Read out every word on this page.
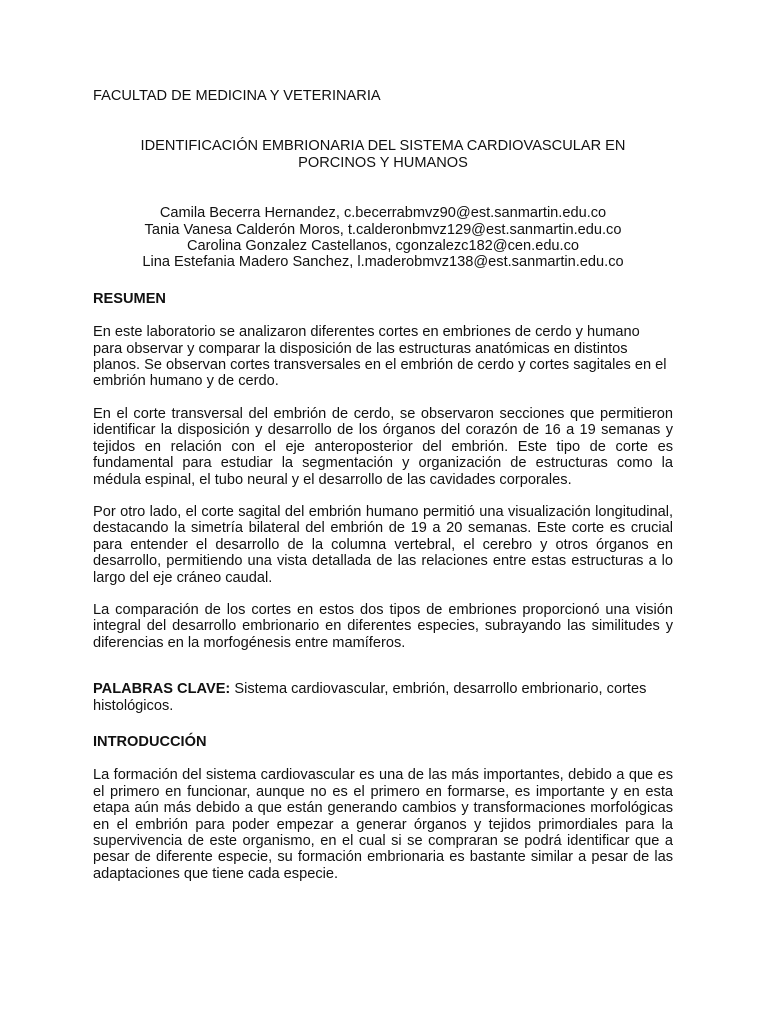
FACULTAD DE MEDICINA Y VETERINARIA
IDENTIFICACIÓN EMBRIONARIA DEL SISTEMA CARDIOVASCULAR EN
PORCINOS Y HUMANOS
Camila Becerra Hernandez, c.becerrabmvz90@est.sanmartin.edu.co
Tania Vanesa Calderón Moros, t.calderonbmvz129@est.sanmartin.edu.co
Carolina Gonzalez Castellanos, cgonzalezc182@cen.edu.co
Lina Estefania Madero Sanchez, l.maderobmvz138@est.sanmartin.edu.co
RESUMEN

En este laboratorio se analizaron diferentes cortes en embriones de cerdo y humano para observar y comparar la disposición de las estructuras anatómicas en distintos planos. Se observan cortes transversales en el embrión de cerdo y cortes sagitales en el embrión humano y de cerdo.

En el corte transversal del embrión de cerdo, se observaron secciones que permitieron identificar la disposición y desarrollo de los órganos del corazón de 16 a 19 semanas y tejidos en relación con el eje anteroposterior del embrión. Este tipo de corte es fundamental para estudiar la segmentación y organización de estructuras como la médula espinal, el tubo neural y el desarrollo de las cavidades corporales.

Por otro lado, el corte sagital del embrión humano permitió una visualización longitudinal, destacando la simetría bilateral del embrión de 19 a 20 semanas. Este corte es crucial para entender el desarrollo de la columna vertebral, el cerebro y otros órganos en desarrollo, permitiendo una vista detallada de las relaciones entre estas estructuras a lo largo del eje cráneo caudal.

La comparación de los cortes en estos dos tipos de embriones proporcionó una visión integral del desarrollo embrionario en diferentes especies, subrayando las similitudes y diferencias en la morfogénesis entre mamíferos.

PALABRAS CLAVE: Sistema cardiovascular, embrión, desarrollo embrionario, cortes histológicos.

INTRODUCCIÓN

La formación del sistema cardiovascular es una de las más importantes, debido a que es el primero en funcionar, aunque no es el primero en formarse, es importante y en esta etapa aún más debido a que están generando cambios y transformaciones morfológicas en el embrión para poder empezar a generar órganos y tejidos primordiales para la supervivencia de este organismo, en el cual si se compraran se podrá identificar que a pesar de diferente especie, su formación embrionaria es bastante similar a pesar de las adaptaciones que tiene cada especie.
